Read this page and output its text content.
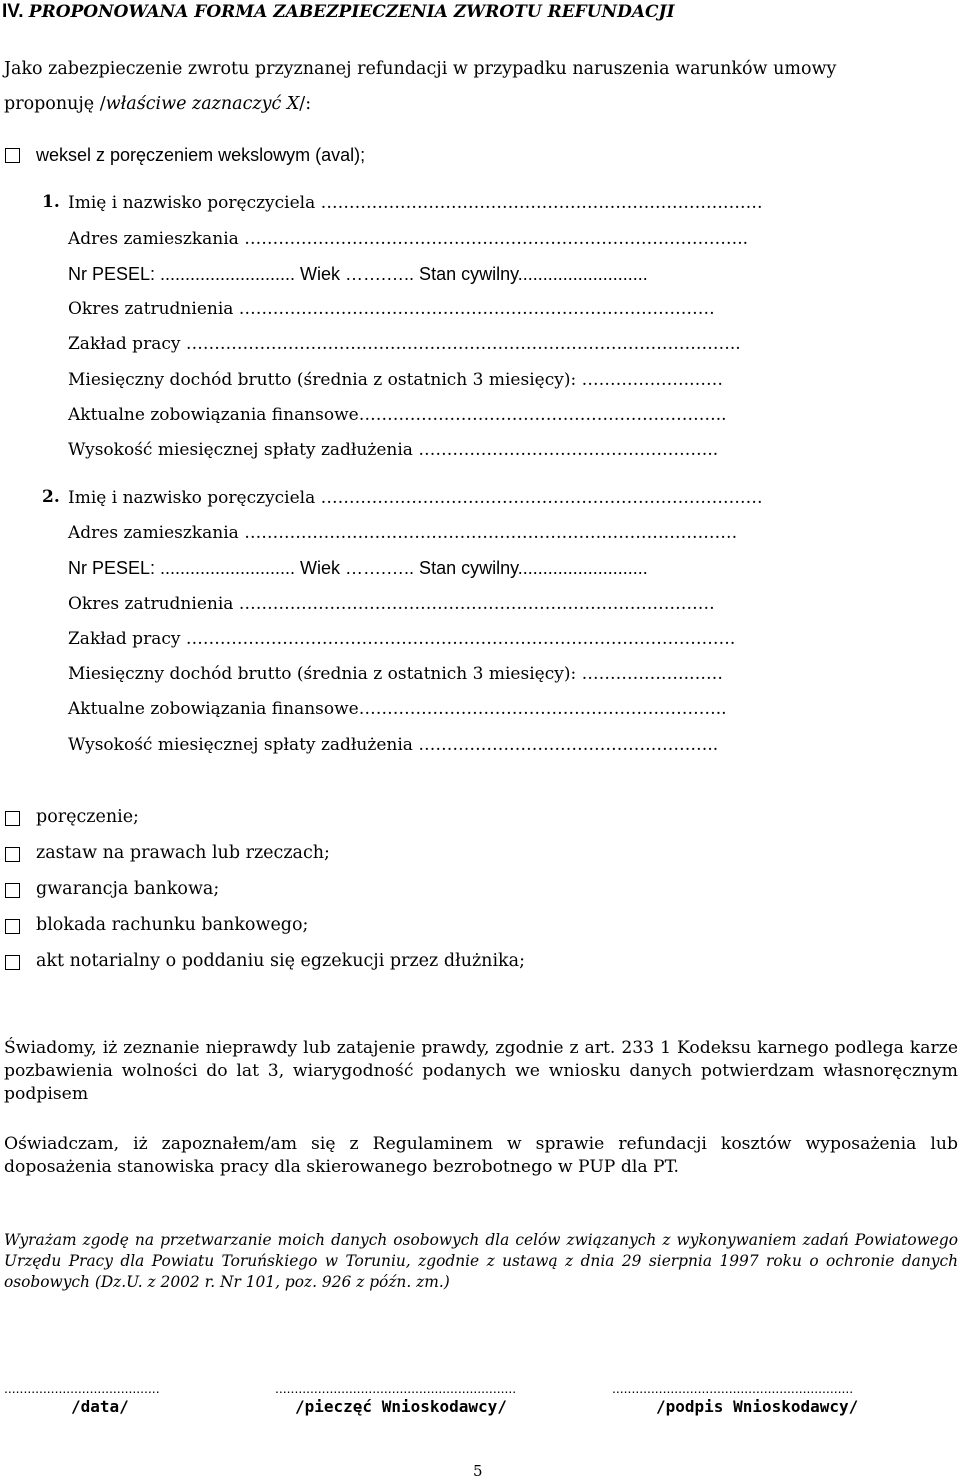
IV. PROPONOWANA FORMA ZABEZPIECZENIA ZWROTU REFUNDACJI
Jako zabezpieczenie zwrotu przyznanej refundacji w przypadku naruszenia warunków umowy
proponuję /właściwe zaznaczyć X/:
weksel z poręczeniem wekslowym (aval);
1. Imię i nazwisko poręczyciela ……………………………………………………………………
Adres zamieszkania ……………………………………………………………………………..
Nr PESEL: ........................... Wiek …….….. Stan cywilny..........................
Okres zatrudnienia …………………………………………………………………………
Zakład pracy ……………………………………………………………………………………..
Miesięczny dochód brutto (średnia z ostatnich 3 miesięcy): ……………….……
Aktualne zobowiązania finansowe………………………………………………………..
Wysokość miesięcznej spłaty zadłużenia ……………………………………………..
2. Imię i nazwisko poręczyciela ……………………………………………………………………
Adres zamieszkania ……………………………………………………………………………
Nr PESEL: ........................... Wiek …….….. Stan cywilny..........................
Okres zatrudnienia …………………………………………………………………………
Zakład pracy …………………………………………………………………………………….
Miesięczny dochód brutto (średnia z ostatnich 3 miesięcy): ……………….……
Aktualne zobowiązania finansowe………………………………………………………..
Wysokość miesięcznej spłaty zadłużenia ……………………………………………..
poręczenie;
zastaw na prawach lub rzeczach;
gwarancja bankowa;
blokada rachunku bankowego;
akt notarialny o poddaniu się egzekucji przez dłużnika;
Świadomy, iż zeznanie nieprawdy lub zatajenie prawdy, zgodnie z art. 233 1 Kodeksu karnego podlega karze pozbawienia wolności do lat 3, wiarygodność podanych we wniosku danych potwierdzam własnoręcznym podpisem
Oświadczam, iż zapoznałem/am się z Regulaminem w sprawie refundacji kosztów wyposażenia lub doposażenia stanowiska pracy dla skierowanego bezrobotnego w PUP dla PT.
Wyrażam zgodę na przetwarzanie moich danych osobowych dla celów związanych z wykonywaniem zadań Powiatowego Urzędu Pracy dla Powiatu Toruńskiego w Toruniu, zgodnie z ustawą z dnia 29 sierpnia 1997 roku o ochronie danych osobowych (Dz.U. z 2002 r. Nr 101, poz. 926 z późn. zm.)
........................................	..............................................................	..............................................................
/data/	/pieczęć Wnioskodawcy/	/podpis Wnioskodawcy/
5
